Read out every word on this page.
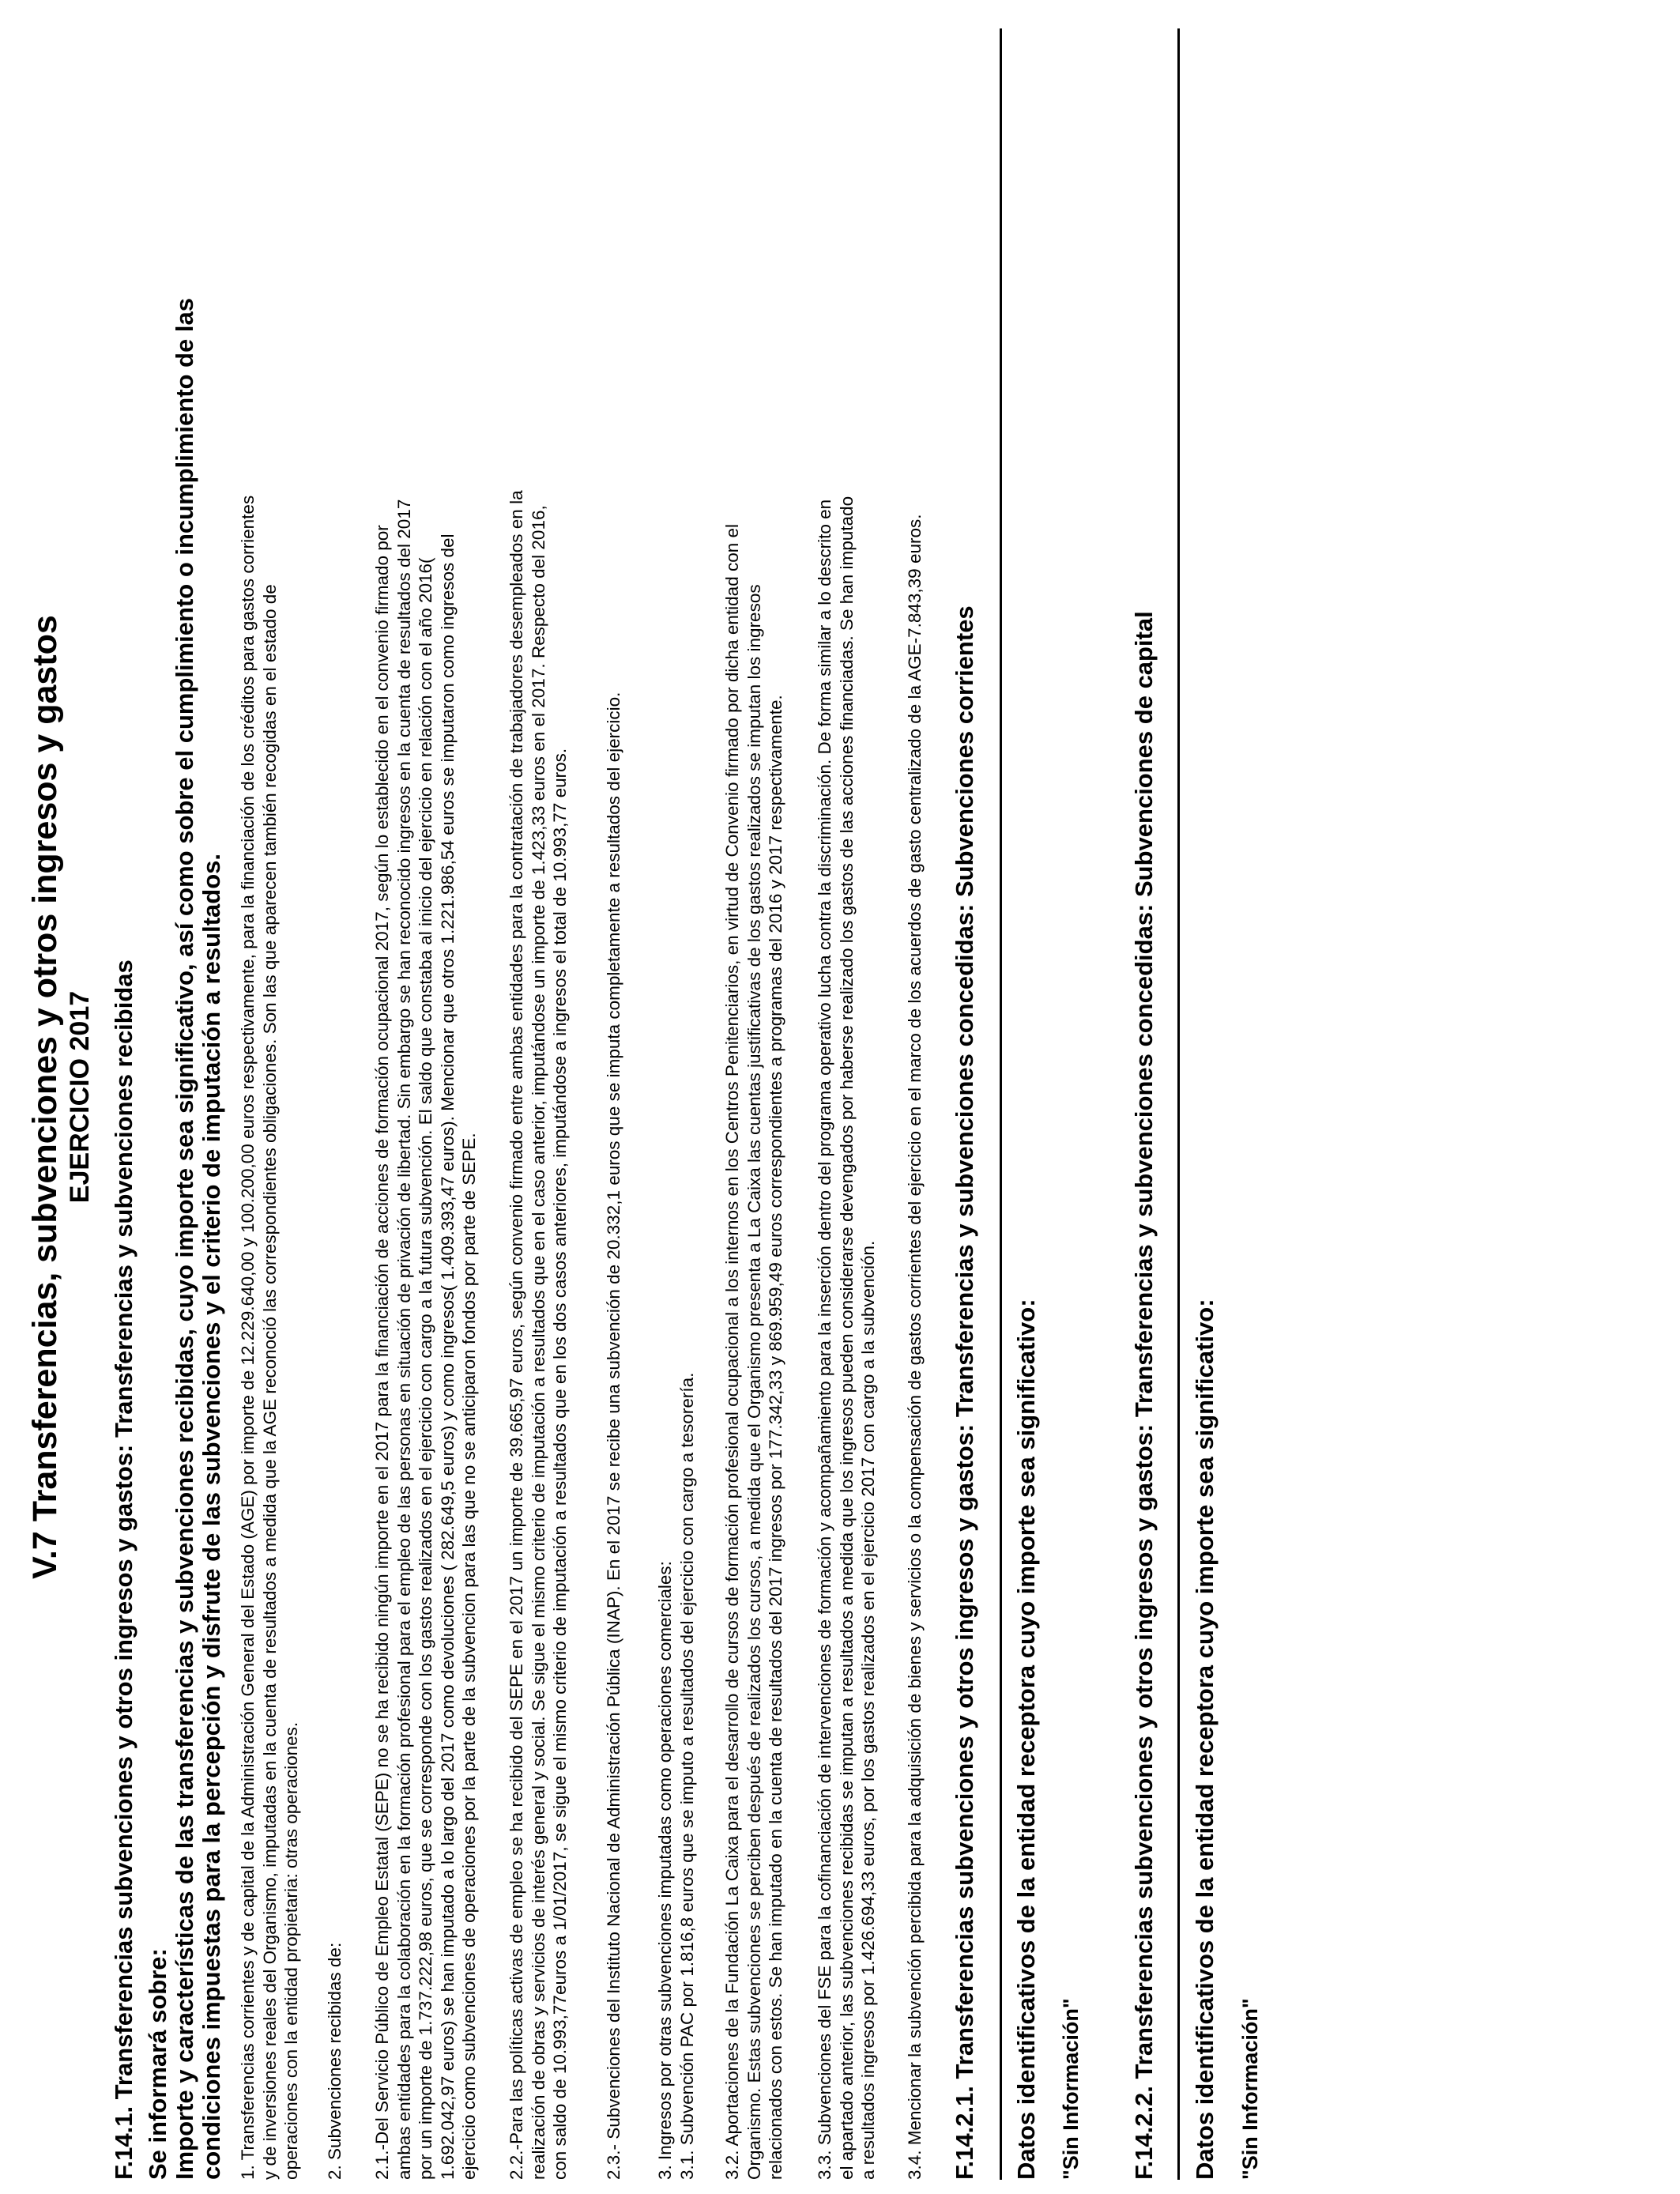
V.7 Transferencias, subvenciones y otros ingresos y gastos EJERCICIO 2017 F.14.1. Transferencias subvenciones y otros ingresos y gastos: Transferencias y subvenciones recibidas Se informará sobre: Importe y características de las transferencias y subvenciones recibidas, cuyo importe sea significativo, así como sobre el cumplimiento o incumplimiento de las condiciones impuestas para la percepción y disfrute de las subvenciones y el criterio de imputación a resultados. 1. Transferencias corrientes y de capital de la Administración General del Estado (AGE) por importe de 12.229.640,00 y 100.200,00 euros respectivamente, para la financiación de los créditos para gastos corrientes
y de inversiones reales del Organismo, imputadas en la cuenta de resultados a medida que la AGE reconoció las correspondientes obligaciones. Son las que aparecen también recogidas en el estado de
operaciones con la entidad propietaria: otras operaciones.
2. Subvenciones recibidas de: 2.1.-Del Servicio Público de Empleo Estatal (SEPE) no se ha recibido ningún importe en el 2017 para la financiación de acciones de formación ocupacional 2017, según lo establecido en el convenio firmado por
ambas entidades para la colaboración en la formación profesional para el empleo de las personas en situación de privación de libertad. Sin embargo se han reconocido ingresos en la cuenta de resultados del 2017
por un importe de 1.737.222,98 euros, que se corresponde con los gastos realizados en el ejercicio con cargo a la futura subvención. El saldo que constaba al inicio del ejercicio en relación con el año 2016(
1.692.042,97 euros) se han imputado a lo largo del 2017 como devoluciones ( 282.649,5 euros) y como ingresos( 1.409.393,47 euros). Mencionar que otros 1.221.986,54 euros se imputaron como ingresos del
ejercicio como subvenciones de operaciones por la parte de la subvencion para las que no se anticiparon fondos por parte de SEPE.
2.2.-Para las políticas activas de empleo se ha recibido del SEPE en el 2017 un importe de 39.665,97 euros, según convenio firmado entre ambas entidades para la contratación de trabajadores desempleados en la
realización de obras y servicios de interés general y social. Se sigue el mismo criterio de imputación a resultados que en el caso anterior, imputándose un importe de 1.423,33 euros en el 2017. Respecto del 2016,
con saldo de 10.993,77euros a 1/01/2017, se sigue el mismo criterio de imputación a resultados que en los dos casos anteriores, imputándose a ingresos el total de 10.993,77 euros. 2.3.- Subvenciones del Instituto Nacional de Administración Pública (INAP). En el 2017 se recibe una subvención de 20.332,1 euros que se imputa completamente a resultados del ejercicio. 3. Ingresos por otras subvenciones imputadas como operaciones comerciales:
3.1. Subvención PAC por 1.816,8 euros que se imputo a resultados del ejercicio con cargo a tesorería.
3.2. Aportaciones de la Fundación La Caixa para el desarrollo de cursos de formación profesional ocupacional a los internos en los Centros Penitenciarios, en virtud de Convenio firmado por dicha entidad con el
Organismo. Estas subvenciones se perciben después de realizados los cursos, a medida que el Organismo presenta a La Caixa las cuentas justificativas de los gastos realizados se imputan los ingresos
relacionados con estos. Se han imputado en la cuenta de resultados del 2017 ingresos por 177.342,33 y 869.959,49 euros correspondientes a programas del 2016 y 2017 respectivamente.
3.3. Subvenciones del FSE para la cofinanciación de intervenciones de formación y acompañamiento para la inserción dentro del programa operativo lucha contra la discriminación. De forma similar a lo descrito en
el apartado anterior, las subvenciones recibidas se imputan a resultados a medida que los ingresos pueden considerarse devengados por haberse realizado los gastos de las acciones financiadas. Se han imputado
a resultados ingresos por 1.426.694,33 euros, por los gastos realizados en el ejercicio 2017 con cargo a la subvención. 3.4. Mencionar la subvención percibida para la adquisición de bienes y servicios o la compensación de gastos corrientes del ejercicio en el marco de los acuerdos de gasto centralizado de la AGE-7.843,39 euros. F.14.2.1. Transferencias subvenciones y otros ingresos y gastos: Transferencias y subvenciones concedidas: Subvenciones corrientes Datos identificativos de la entidad receptora cuyo importe sea significativo: "Sin Información" F.14.2.2. Transferencias subvenciones y otros ingresos y gastos: Transferencias y subvenciones concedidas: Subvenciones de capital Datos identificativos de la entidad receptora cuyo importe sea significativo: "Sin Información"
